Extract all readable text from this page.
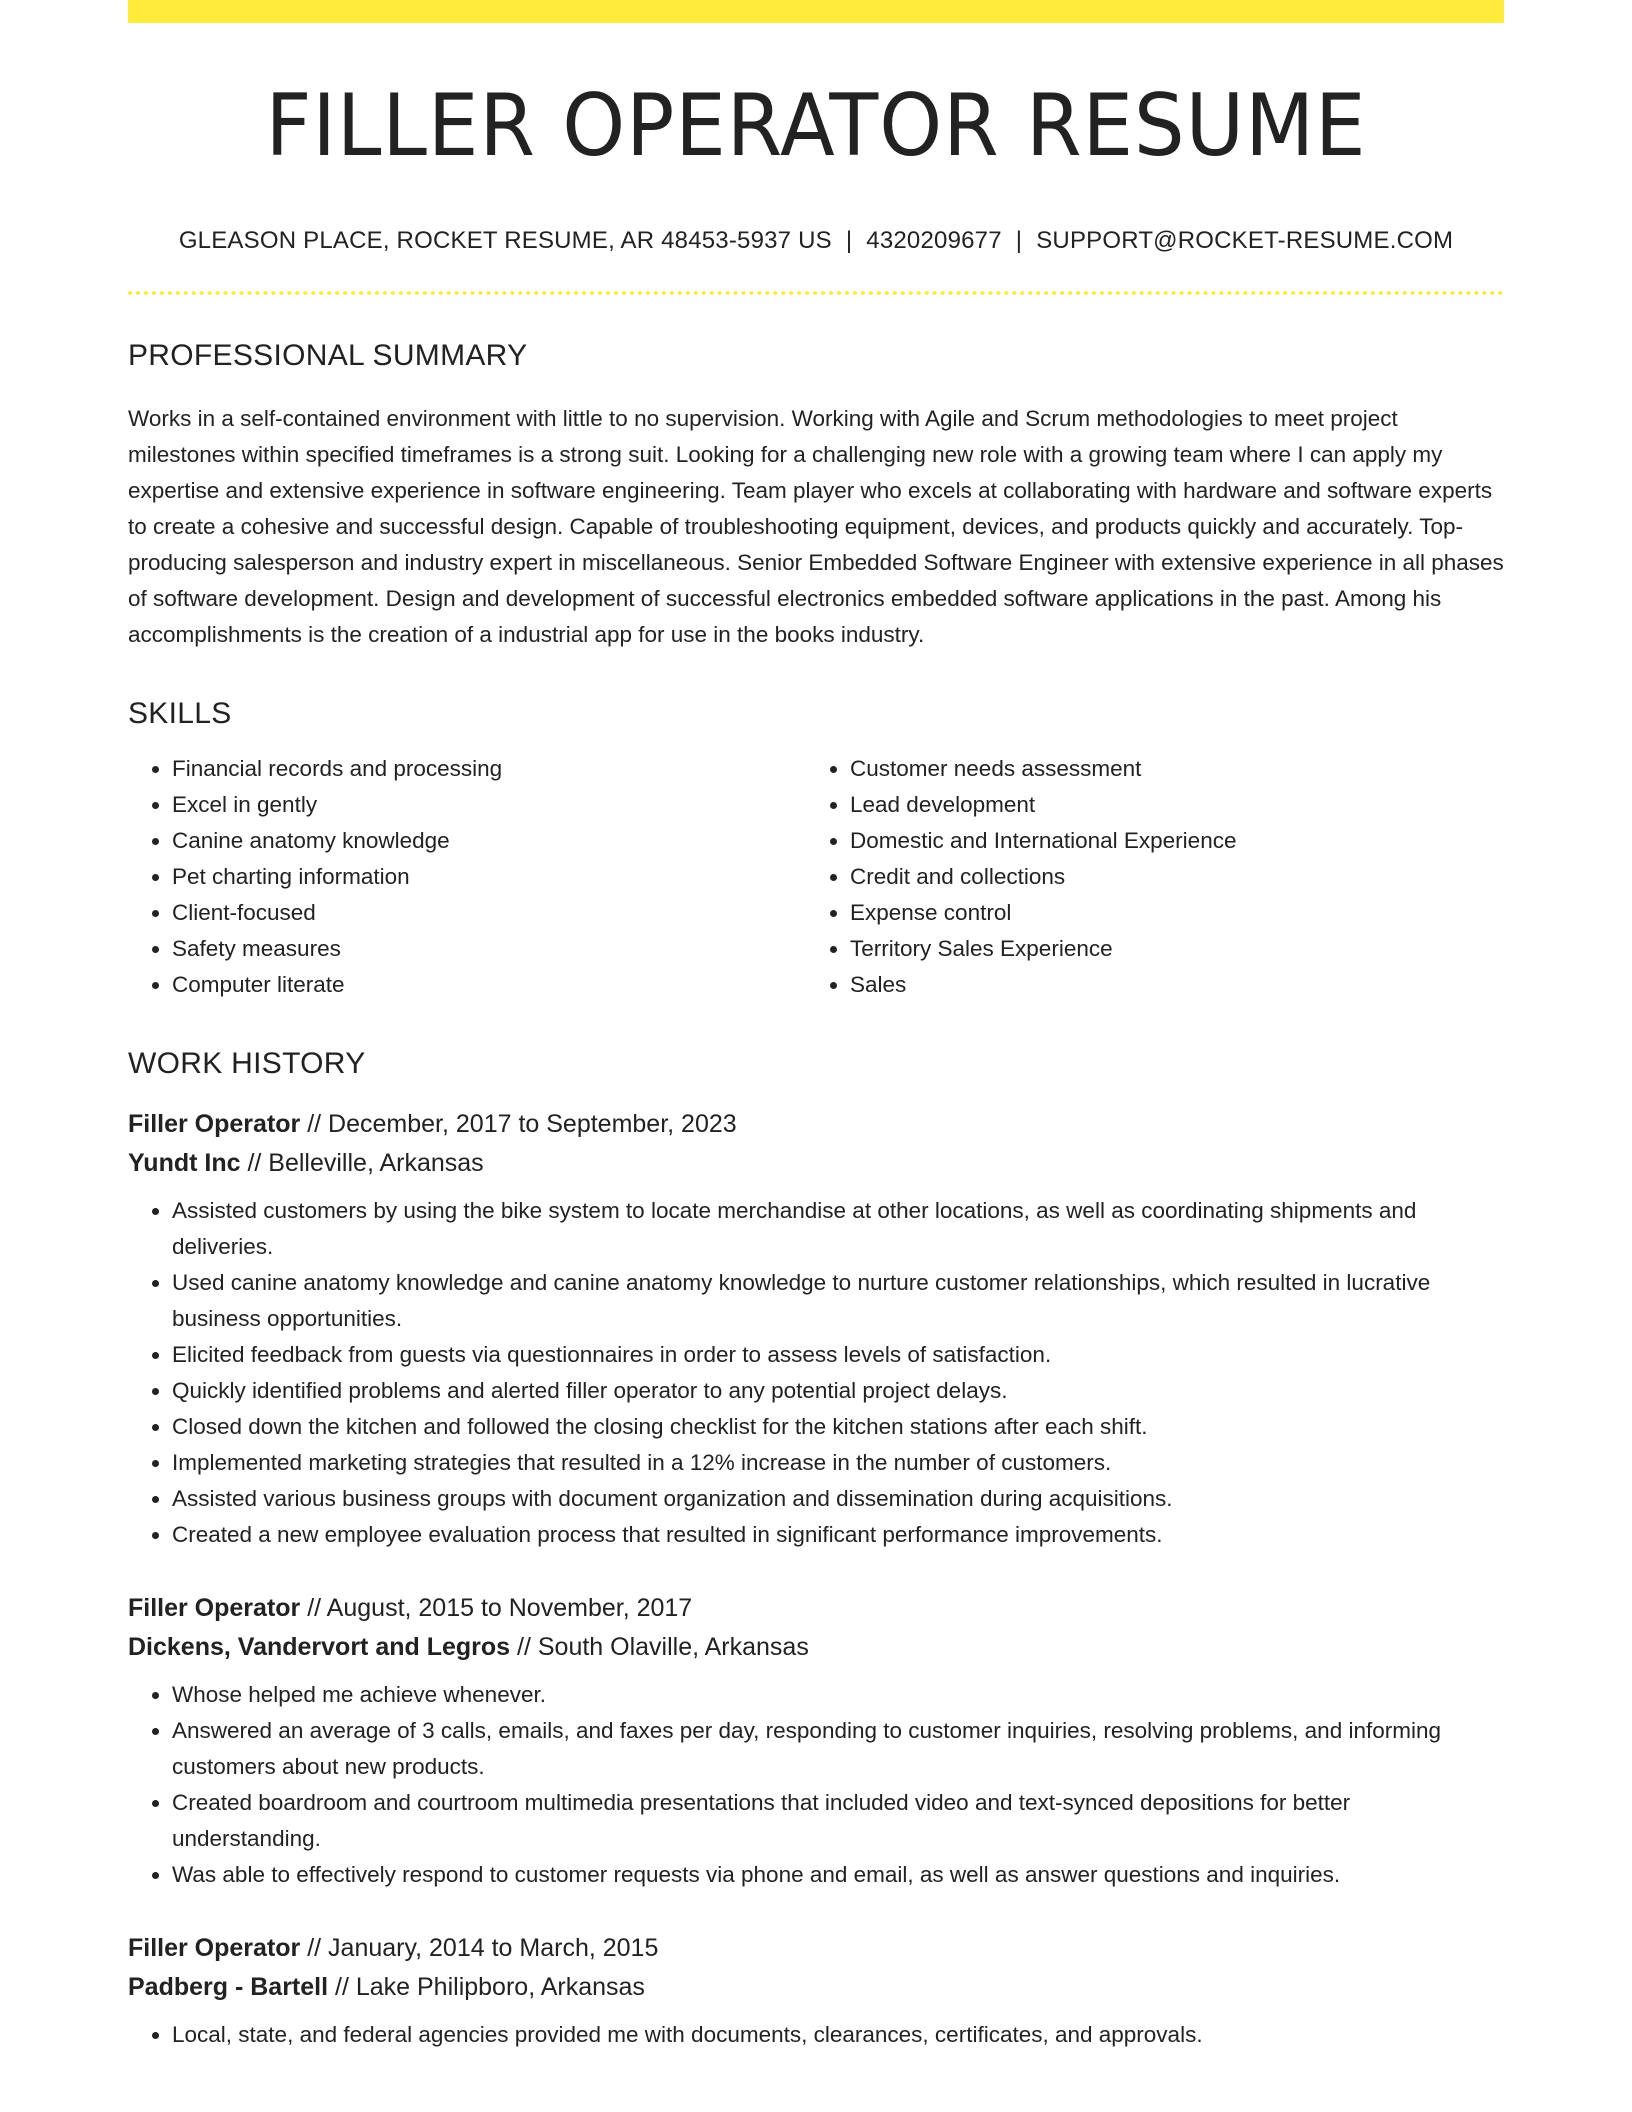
FILLER OPERATOR RESUME
GLEASON PLACE, ROCKET RESUME, AR 48453-5937 US | 4320209677 | SUPPORT@ROCKET-RESUME.COM
PROFESSIONAL SUMMARY

Works in a self-contained environment with little to no supervision. Working with Agile and Scrum methodologies to meet project milestones within specified timeframes is a strong suit. Looking for a challenging new role with a growing team where I can apply my expertise and extensive experience in software engineering. Team player who excels at collaborating with hardware and software experts to create a cohesive and successful design. Capable of troubleshooting equipment, devices, and products quickly and accurately. Top-producing salesperson and industry expert in miscellaneous. Senior Embedded Software Engineer with extensive experience in all phases of software development. Design and development of successful electronics embedded software applications in the past. Among his accomplishments is the creation of a industrial app for use in the books industry.

SKILLS
• Financial records and processing
• Excel in gently
• Canine anatomy knowledge
• Pet charting information
• Client-focused
• Safety measures
• Computer literate
• Customer needs assessment
• Lead development
• Domestic and International Experience
• Credit and collections
• Expense control
• Territory Sales Experience
• Sales
WORK HISTORY
Filler Operator // December, 2017 to September, 2023
Yundt Inc // Belleville, Arkansas
• Assisted customers by using the bike system to locate merchandise at other locations, as well as coordinating shipments and deliveries.
• Used canine anatomy knowledge and canine anatomy knowledge to nurture customer relationships, which resulted in lucrative business opportunities.
• Elicited feedback from guests via questionnaires in order to assess levels of satisfaction.
• Quickly identified problems and alerted filler operator to any potential project delays.
• Closed down the kitchen and followed the closing checklist for the kitchen stations after each shift.
• Implemented marketing strategies that resulted in a 12% increase in the number of customers.
• Assisted various business groups with document organization and dissemination during acquisitions.
• Created a new employee evaluation process that resulted in significant performance improvements.
Filler Operator // August, 2015 to November, 2017
Dickens, Vandervort and Legros // South Olaville, Arkansas
• Whose helped me achieve whenever.
• Answered an average of 3 calls, emails, and faxes per day, responding to customer inquiries, resolving problems, and informing customers about new products.
• Created boardroom and courtroom multimedia presentations that included video and text-synced depositions for better understanding.
• Was able to effectively respond to customer requests via phone and email, as well as answer questions and inquiries.
Filler Operator // January, 2014 to March, 2015
Padberg - Bartell // Lake Philipboro, Arkansas
• Local, state, and federal agencies provided me with documents, clearances, certificates, and approvals.
